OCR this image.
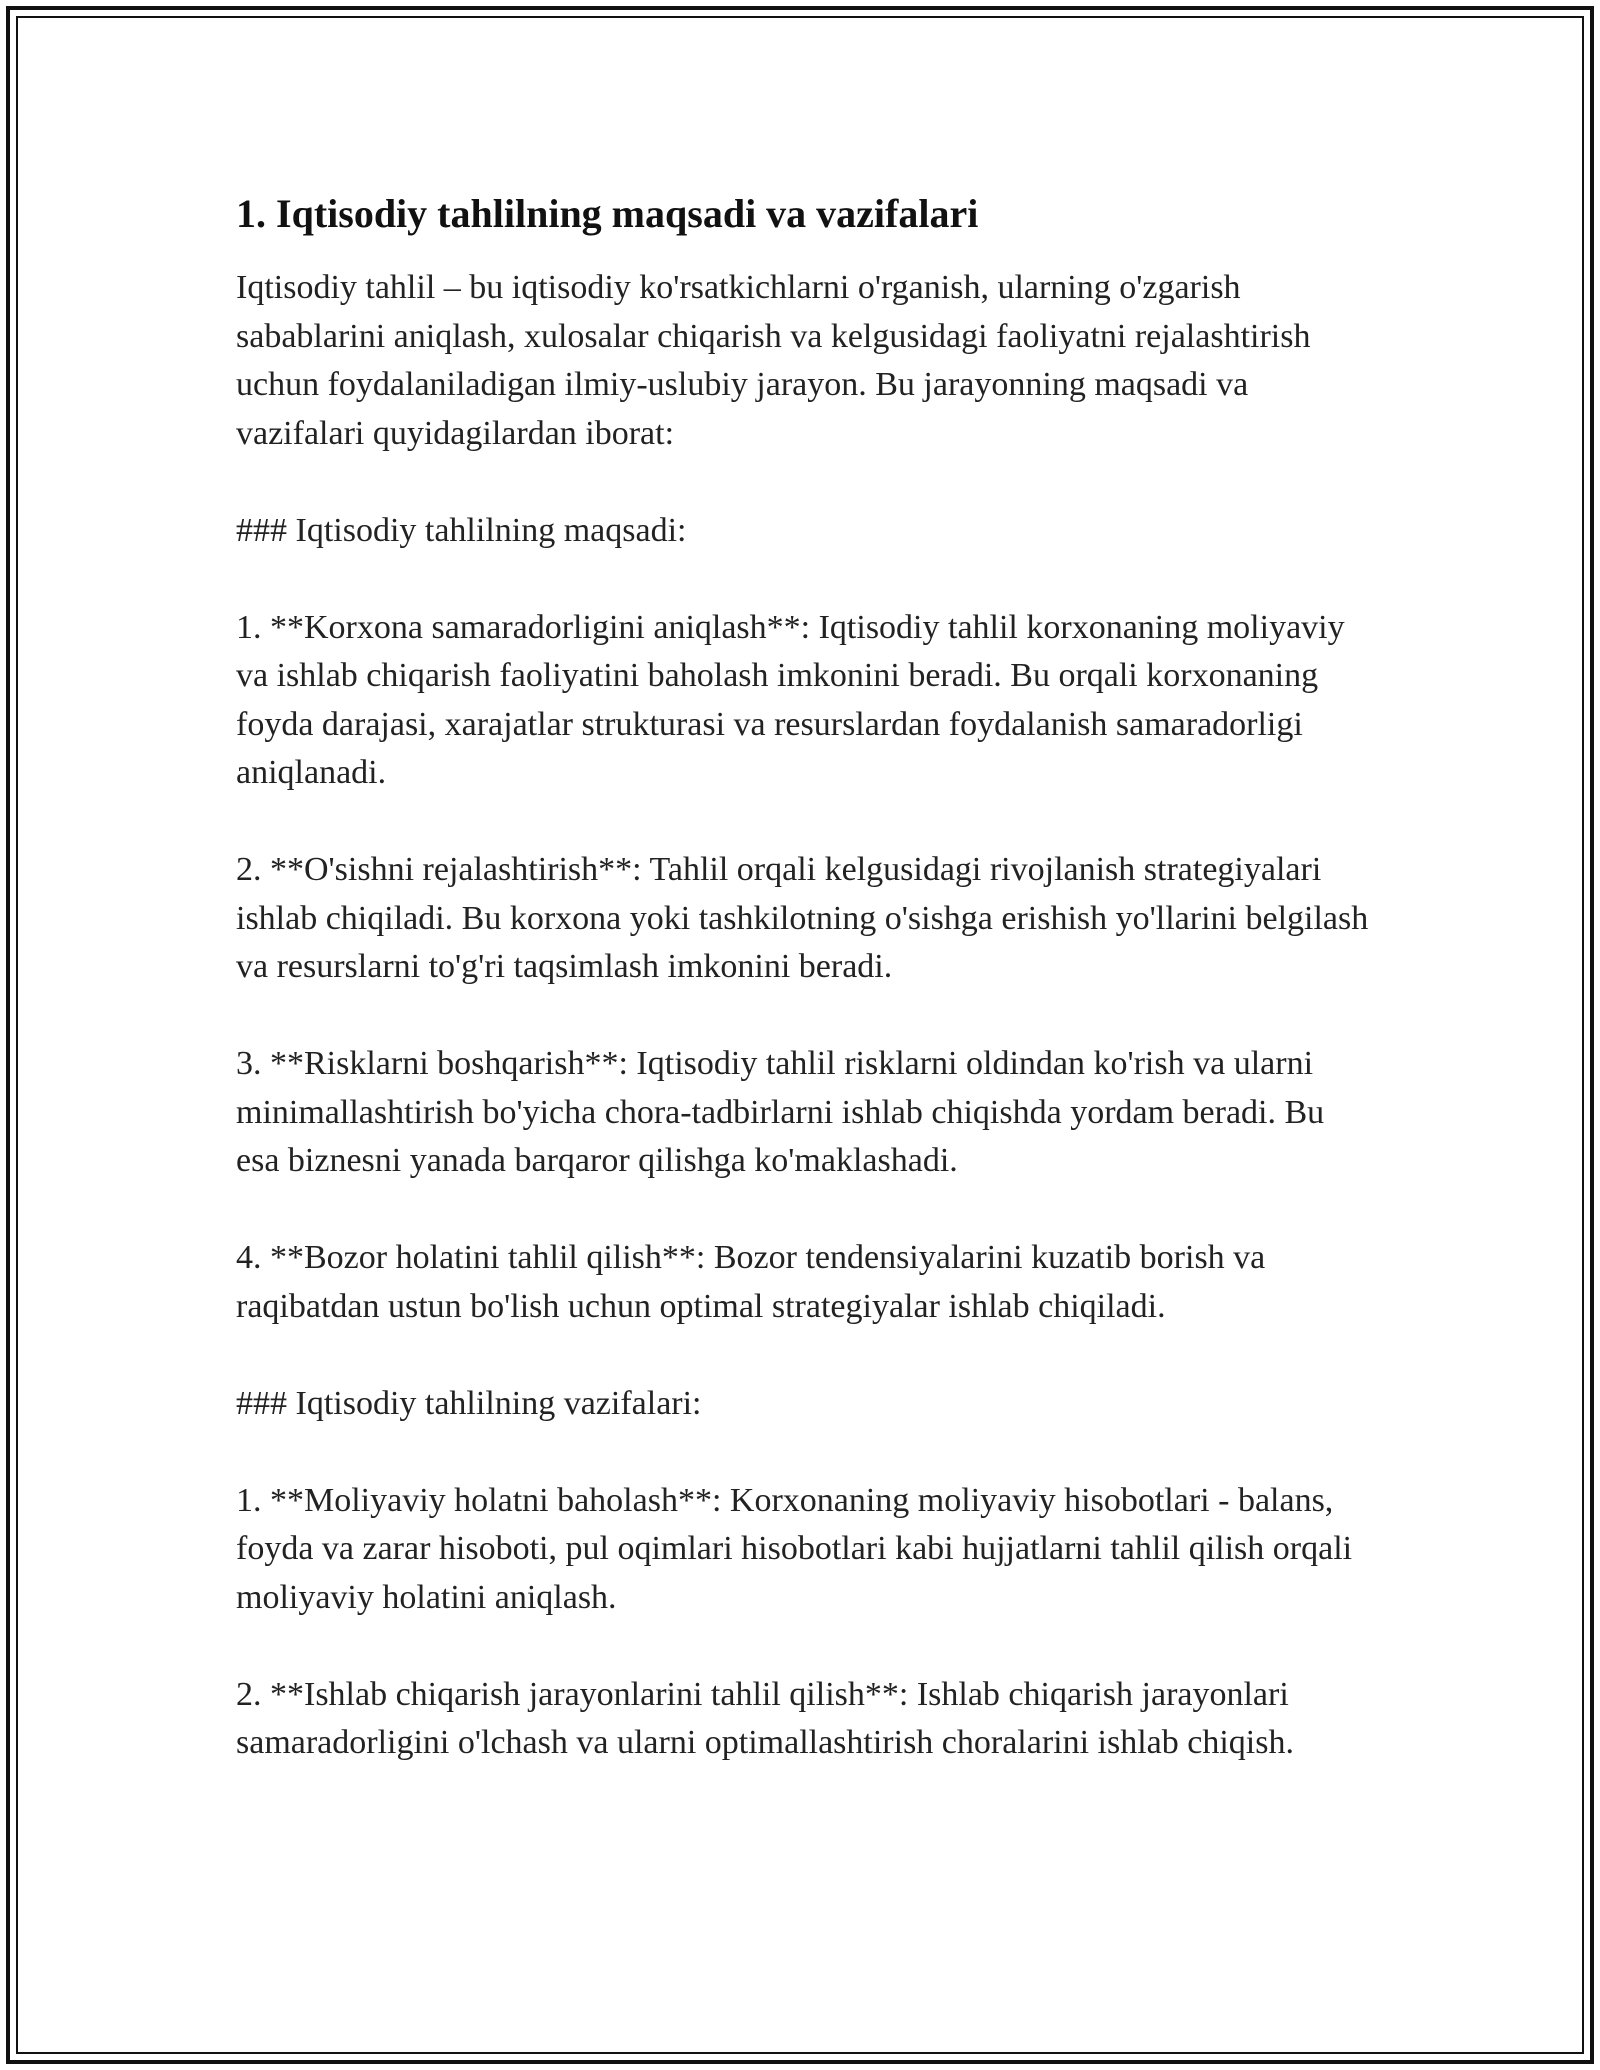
1. Iqtisodiy tahlilning maqsadi va vazifalari

Iqtisodiy tahlil – bu iqtisodiy ko'rsatkichlarni o'rganish, ularning o'zgarish sabablarini aniqlash, xulosalar chiqarish va kelgusidagi faoliyatni rejalashtirish uchun foydalaniladigan ilmiy-uslubiy jarayon. Bu jarayonning maqsadi va vazifalari quyidagilardan iborat:

### Iqtisodiy tahlilning maqsadi:

1. **Korxona samaradorligini aniqlash**: Iqtisodiy tahlil korxonaning moliyaviy va ishlab chiqarish faoliyatini baholash imkonini beradi. Bu orqali korxonaning foyda darajasi, xarajatlar strukturasi va resurslardan foydalanish samaradorligi aniqlanadi.

2. **O'sishni rejalashtirish**: Tahlil orqali kelgusidagi rivojlanish strategiyalari ishlab chiqiladi. Bu korxona yoki tashkilotning o'sishga erishish yo'llarini belgilash va resurslarni to'g'ri taqsimlash imkonini beradi.

3. **Risklarni boshqarish**: Iqtisodiy tahlil risklarni oldindan ko'rish va ularni minimallashtirish bo'yicha chora-tadbirlarni ishlab chiqishda yordam beradi. Bu esa biznesni yanada barqaror qilishga ko'maklashadi.

4. **Bozor holatini tahlil qilish**: Bozor tendensiyalarini kuzatib borish va raqibatdan ustun bo'lish uchun optimal strategiyalar ishlab chiqiladi.

### Iqtisodiy tahlilning vazifalari:

1. **Moliyaviy holatni baholash**: Korxonaning moliyaviy hisobotlari - balans, foyda va zarar hisoboti, pul oqimlari hisobotlari kabi hujjatlarni tahlil qilish orqali moliyaviy holatini aniqlash.

2. **Ishlab chiqarish jarayonlarini tahlil qilish**: Ishlab chiqarish jarayonlari samaradorligini o'lchash va ularni optimallashtirish choralarini ishlab chiqish.
